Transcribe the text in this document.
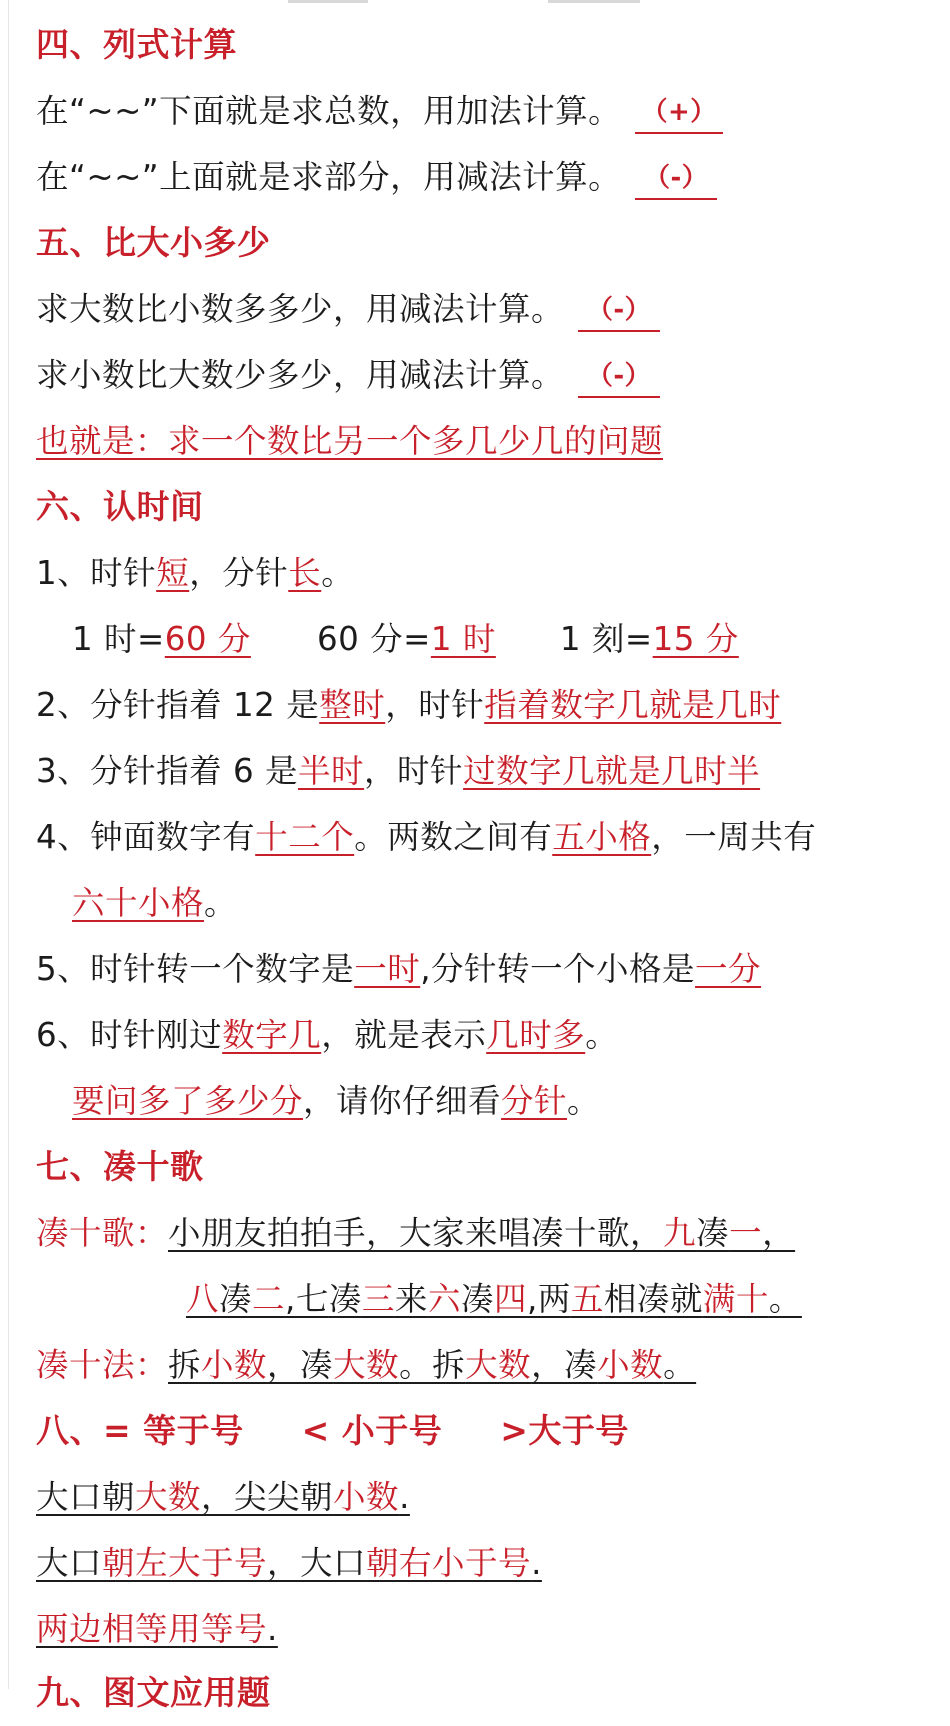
四、列式计算
在“~~”下面就是求总数，用加法计算。 （+）
在“~~”上面就是求部分，用减法计算。 （-）
五、比大小多少
求大数比小数多多少，用减法计算。 （-）
求小数比大数少多少，用减法计算。 （-）
也就是：求一个数比另一个多几少几的问题
六、认时间
1、时针短，分针长。
1 时=60 分 60 分=1 时 1 刻=15 分
2、分针指着 12 是整时，时针指着数字几就是几时
3、分针指着 6 是半时，时针过数字几就是几时半
4、钟面数字有十二个。两数之间有五小格，一周共有
六十小格。
5、时针转一个数字是一时,分针转一个小格是一分
6、时针刚过数字几，就是表示几时多。
要问多了多少分，请你仔细看分针。
七、凑十歌
凑十歌：小朋友拍拍手，大家来唱凑十歌，九凑一，
八凑二,七凑三来六凑四,两五相凑就满十。
凑十法：拆小数，凑大数。拆大数，凑小数。
八、= 等于号 < 小于号 >大于号
大口朝大数，尖尖朝小数.
大口朝左大于号，大口朝右小于号.
两边相等用等号.
九、图文应用题
